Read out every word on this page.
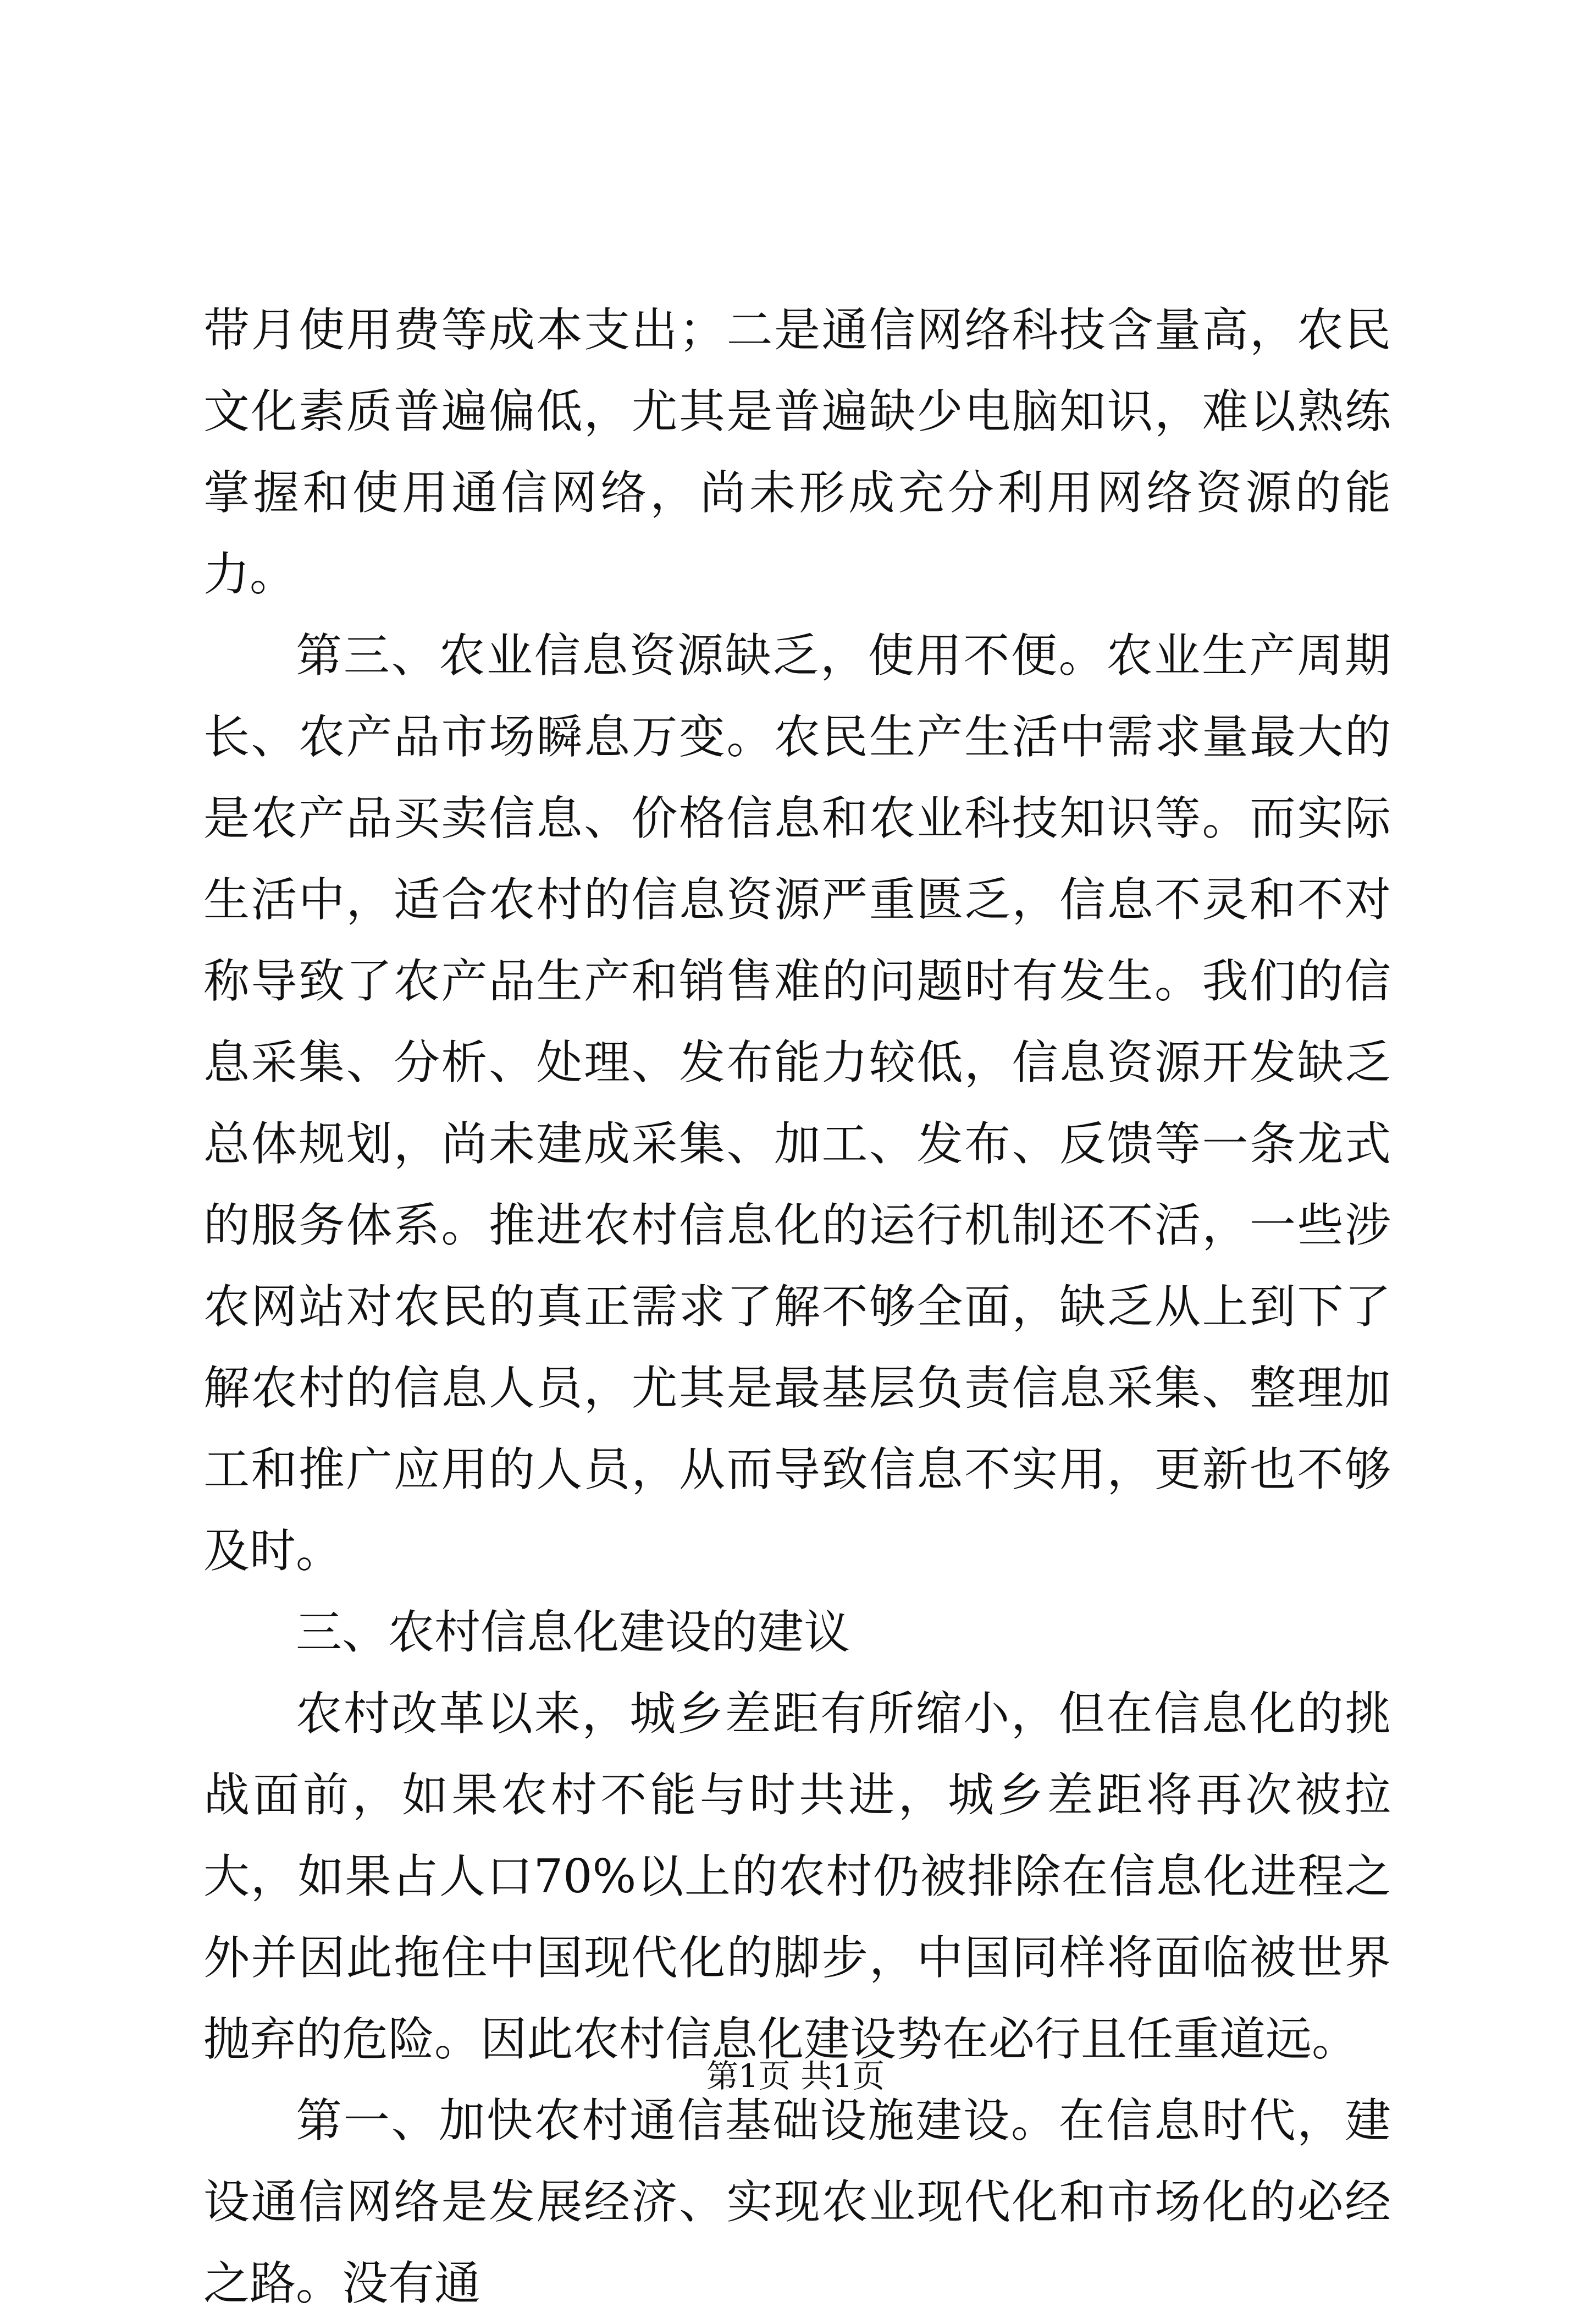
带月使用费等成本支出；二是通信网络科技含量高，农民文化素质普遍偏低，尤其是普遍缺少电脑知识，难以熟练掌握和使用通信网络，尚未形成充分利用网络资源的能力。

第三、农业信息资源缺乏，使用不便。农业生产周期长、农产品市场瞬息万变。农民生产生活中需求量最大的是农产品买卖信息、价格信息和农业科技知识等。而实际生活中，适合农村的信息资源严重匮乏，信息不灵和不对称导致了农产品生产和销售难的问题时有发生。我们的信息采集、分析、处理、发布能力较低，信息资源开发缺乏总体规划，尚未建成采集、加工、发布、反馈等一条龙式的服务体系。推进农村信息化的运行机制还不活，一些涉农网站对农民的真正需求了解不够全面，缺乏从上到下了解农村的信息人员，尤其是最基层负责信息采集、整理加工和推广应用的人员，从而导致信息不实用，更新也不够及时。

三、农村信息化建设的建议

农村改革以来，城乡差距有所缩小，但在信息化的挑战面前，如果农村不能与时共进，城乡差距将再次被拉大，如果占人口70%以上的农村仍被排除在信息化进程之外并因此拖住中国现代化的脚步，中国同样将面临被世界抛弃的危险。因此农村信息化建设势在必行且任重道远。

第一、加快农村通信基础设施建设。在信息时代，建设通信网络是发展经济、实现农业现代化和市场化的必经之路。没有通

第1页 共1页
